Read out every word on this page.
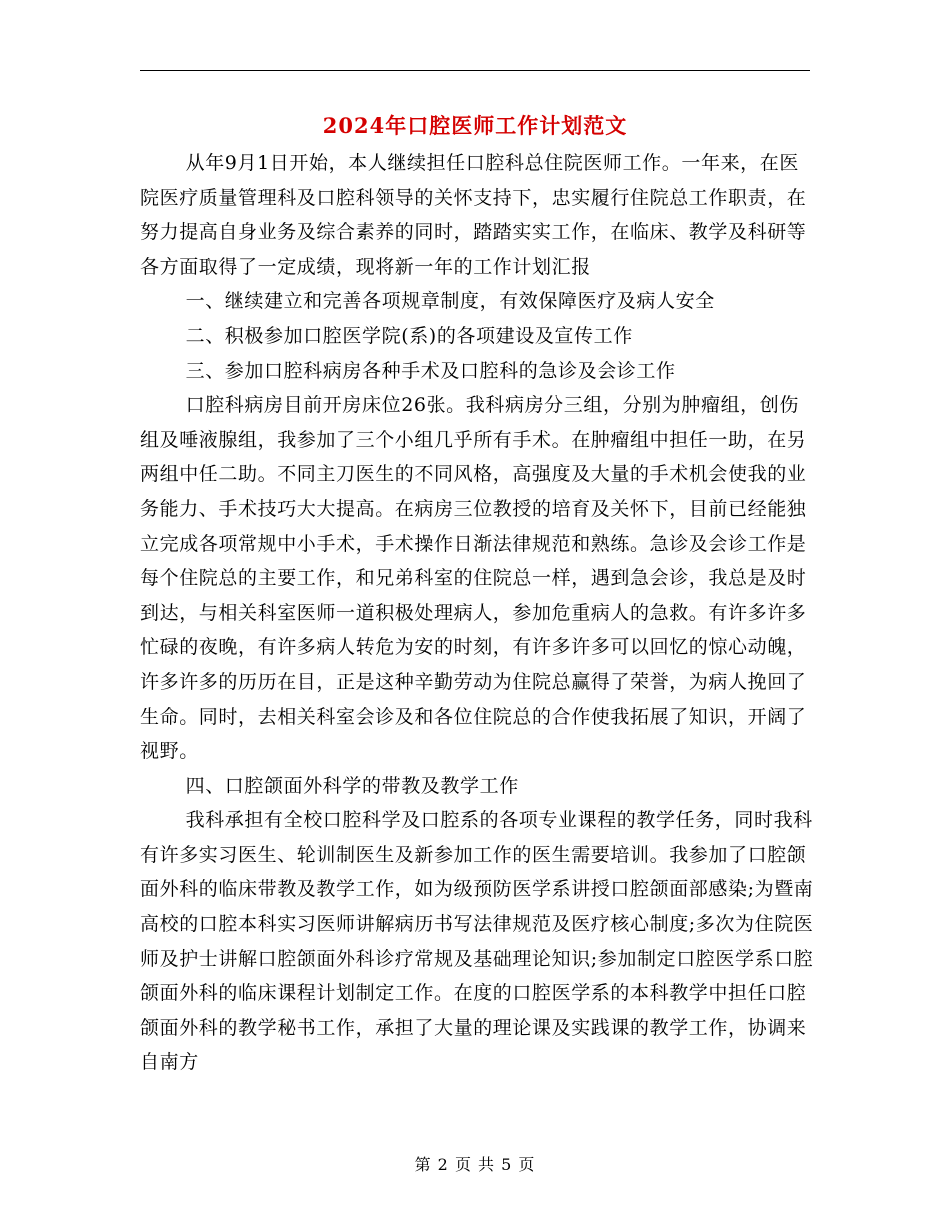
2024年口腔医师工作计划范文

从年9月1日开始，本人继续担任口腔科总住院医师工作。一年来，在医院医疗质量管理科及口腔科领导的关怀支持下，忠实履行住院总工作职责，在努力提高自身业务及综合素养的同时，踏踏实实工作，在临床、教学及科研等各方面取得了一定成绩，现将新一年的工作计划汇报

一、继续建立和完善各项规章制度，有效保障医疗及病人安全

二、积极参加口腔医学院(系)的各项建设及宣传工作

三、参加口腔科病房各种手术及口腔科的急诊及会诊工作

口腔科病房目前开房床位26张。我科病房分三组，分别为肿瘤组，创伤组及唾液腺组，我参加了三个小组几乎所有手术。在肿瘤组中担任一助，在另两组中任二助。不同主刀医生的不同风格，高强度及大量的手术机会使我的业务能力、手术技巧大大提高。在病房三位教授的培育及关怀下，目前已经能独立完成各项常规中小手术，手术操作日渐法律规范和熟练。急诊及会诊工作是每个住院总的主要工作，和兄弟科室的住院总一样，遇到急会诊，我总是及时到达，与相关科室医师一道积极处理病人，参加危重病人的急救。有许多许多忙碌的夜晚，有许多病人转危为安的时刻，有许多许多可以回忆的惊心动魄，许多许多的历历在目，正是这种辛勤劳动为住院总赢得了荣誉，为病人挽回了生命。同时，去相关科室会诊及和各位住院总的合作使我拓展了知识，开阔了视野。

四、口腔颌面外科学的带教及教学工作

我科承担有全校口腔科学及口腔系的各项专业课程的教学任务，同时我科有许多实习医生、轮训制医生及新参加工作的医生需要培训。我参加了口腔颌面外科的临床带教及教学工作，如为级预防医学系讲授口腔颌面部感染;为暨南高校的口腔本科实习医师讲解病历书写法律规范及医疗核心制度;多次为住院医师及护士讲解口腔颌面外科诊疗常规及基础理论知识;参加制定口腔医学系口腔颌面外科的临床课程计划制定工作。在度的口腔医学系的本科教学中担任口腔颌面外科的教学秘书工作，承担了大量的理论课及实践课的教学工作，协调来自南方

第 2 页 共 5 页
